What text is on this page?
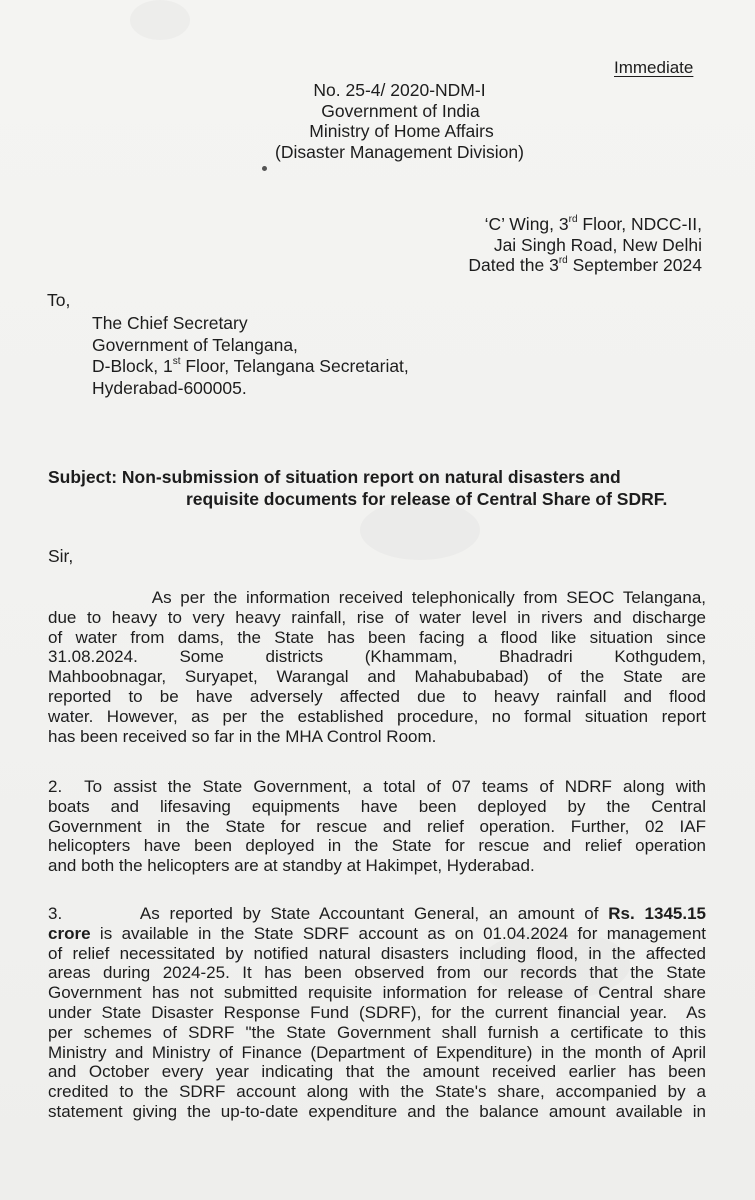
Immediate
No. 25-4/ 2020-NDM-I
Government of India
Ministry of Home Affairs
(Disaster Management Division)
‘C’ Wing, 3rd Floor, NDCC-II,
Jai Singh Road, New Delhi
Dated the 3rd September 2024
To,
The Chief Secretary
Government of Telangana,
D-Block, 1st Floor, Telangana Secretariat,
Hyderabad-600005.
Subject: Non-submission of situation report on natural disasters and
requisite documents for release of Central Share of SDRF.
Sir,
As per the information received telephonically from SEOC Telangana,
due to heavy to very heavy rainfall, rise of water level in rivers and discharge
of water from dams, the State has been facing a flood like situation since
31.08.2024.    Some    districts    (Khammam,    Bhadradri    Kothgudem,
Mahboobnagar, Suryapet, Warangal and Mahabubabad) of the State are
reported to be have adversely affected due to heavy rainfall and flood
water. However, as per the established procedure, no formal situation report
has been received so far in the MHA Control Room.
2.  To assist the State Government, a total of 07 teams of NDRF along with
boats and lifesaving equipments have been deployed by the Central
Government in the State for rescue and relief operation. Further, 02 IAF
helicopters have been deployed in the State for rescue and relief operation
and both the helicopters are at standby at Hakimpet, Hyderabad.
3.        As reported by State Accountant General, an amount of Rs. 1345.15
crore is available in the State SDRF account as on 01.04.2024 for management
of relief necessitated by notified natural disasters including flood, in the affected
areas during 2024-25. It has been observed from our records that the State
Government has not submitted requisite information for release of Central share
under State Disaster Response Fund (SDRF), for the current financial year.  As
per schemes of SDRF "the State Government shall furnish a certificate to this
Ministry and Ministry of Finance (Department of Expenditure) in the month of April
and October every year indicating that the amount received earlier has been
credited to the SDRF account along with the State's share, accompanied by a
statement giving the up-to-date expenditure and the balance amount available in
